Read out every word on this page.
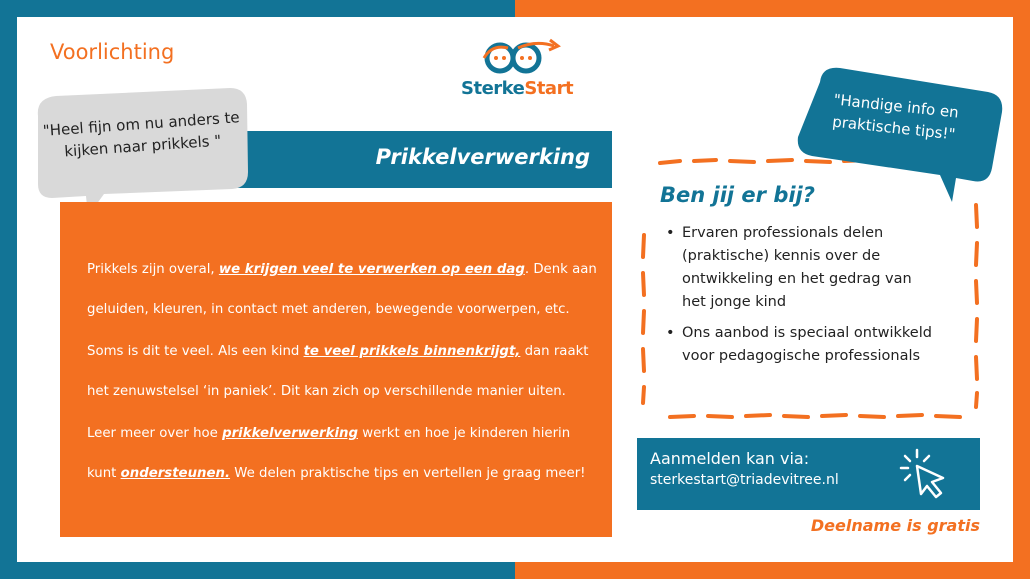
Voorlichting
SterkeStart
Prikkelverwerking
"Heel fijn om nu anders te kijken naar prikkels "

Prikkels zijn overal, we krijgen veel te verwerken op een dag. Denk aan geluiden, kleuren, in contact met anderen, bewegende voorwerpen, etc.

Soms is dit te veel. Als een kind te veel prikkels binnenkrijgt, dan raakt het zenuwstelsel ‘in paniek’. Dit kan zich op verschillende manier uiten.

Leer meer over hoe prikkelverwerking werkt en hoe je kinderen hierin kunt ondersteunen. We delen praktische tips en vertellen je graag meer!

Ben jij er bij?
• Ervaren professionals delen (praktische) kennis over de ontwikkeling en het gedrag van het jonge kind
• Ons aanbod is speciaal ontwikkeld voor pedagogische professionals
"Handige info en praktische tips!"
Aanmelden kan via:
sterkestart@triadevitree.nl
Deelname is gratis
